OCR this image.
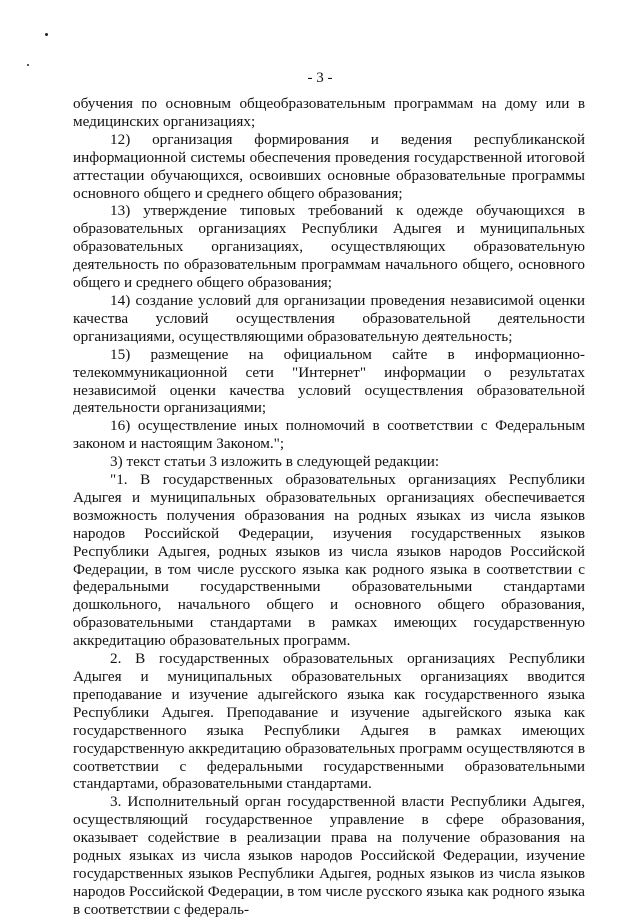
- 3 -

обучения по основным общеобразовательным программам на дому или в медицинских организациях;

12) организация формирования и ведения республиканской информационной системы обеспечения проведения государственной итоговой аттестации обучающихся, освоивших основные образовательные программы основного общего и среднего общего образования;

13) утверждение типовых требований к одежде обучающихся в образовательных организациях Республики Адыгея и муниципальных образовательных организациях, осуществляющих образовательную деятельность по образовательным программам начального общего, основного общего и среднего общего образования;

14) создание условий для организации проведения независимой оценки качества условий осуществления образовательной деятельности организациями, осуществляющими образовательную деятельность;

15) размещение на официальном сайте в информационно-телекоммуникационной сети "Интернет" информации о результатах независимой оценки качества условий осуществления образовательной деятельности организациями;

16) осуществление иных полномочий в соответствии с Федеральным законом и настоящим Законом.";

3) текст статьи 3 изложить в следующей редакции:

"1. В государственных образовательных организациях Республики Адыгея и муниципальных образовательных организациях обеспечивается возможность получения образования на родных языках из числа языков народов Российской Федерации, изучения государственных языков Республики Адыгея, родных языков из числа языков народов Российской Федерации, в том числе русского языка как родного языка в соответствии с федеральными государственными образовательными стандартами дошкольного, начального общего и основного общего образования, образовательными стандартами в рамках имеющих государственную аккредитацию образовательных программ.

2. В государственных образовательных организациях Республики Адыгея и муниципальных образовательных организациях вводится преподавание и изучение адыгейского языка как государственного языка Республики Адыгея. Преподавание и изучение адыгейского языка как государственного языка Республики Адыгея в рамках имеющих государственную аккредитацию образовательных программ осуществляются в соответствии с федеральными государственными образовательными стандартами, образовательными стандартами.

3. Исполнительный орган государственной власти Республики Адыгея, осуществляющий государственное управление в сфере образования, оказывает содействие в реализации права на получение образования на родных языках из числа языков народов Российской Федерации, изучение государственных языков Республики Адыгея, родных языков из числа языков народов Российской Федерации, в том числе русского языка как родного языка в соответствии с федераль-
